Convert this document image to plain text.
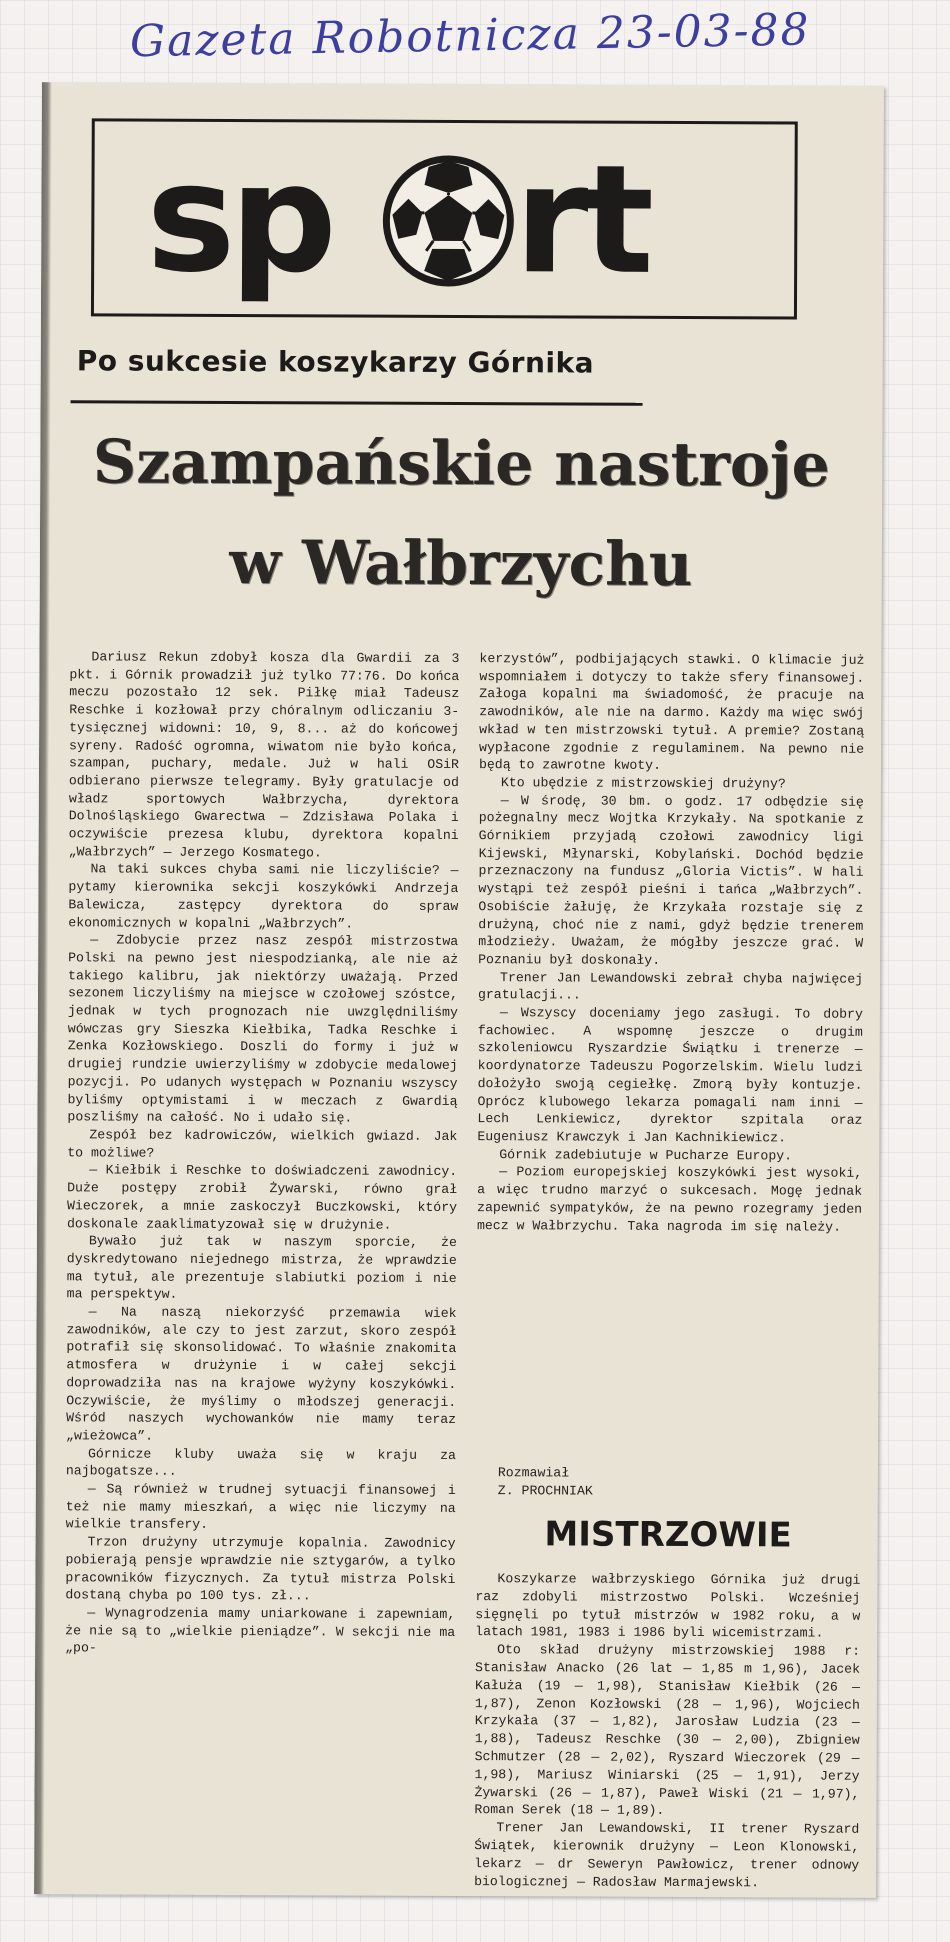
Gazeta Robotnicza 23-03-88
sp rt
Po sukcesie koszykarzy Górnika
Szampańskie nastroje
w Wałbrzychu

Dariusz Rekun zdobył kosza dla Gwardii za 3 pkt. i Górnik prowadził już tylko 77:76. Do końca meczu pozostało 12 sek. Piłkę miał Tadeusz Reschke i kozłował przy chóralnym odliczaniu 3-tysięcznej widowni: 10, 9, 8... aż do końcowej syreny. Radość ogromna, wiwatom nie było końca, szampan, puchary, medale. Już w hali OSiR odbierano pierwsze telegramy. Były gratulacje od władz sportowych Wałbrzycha, dyrektora Dolnośląskiego Gwarectwa — Zdzisława Polaka i oczywiście prezesa klubu, dyrektora kopalni „Wałbrzych” — Jerzego Kosmatego.

Na taki sukces chyba sami nie liczyliście? — pytamy kierownika sekcji koszykówki Andrzeja Balewicza, zastępcy dyrektora do spraw ekonomicznych w kopalni „Wałbrzych”.

— Zdobycie przez nasz zespół mistrzostwa Polski na pewno jest niespodzianką, ale nie aż takiego kalibru, jak niektórzy uważają. Przed sezonem liczyliśmy na miejsce w czołowej szóstce, jednak w tych prognozach nie uwzględniliśmy wówczas gry Sieszka Kiełbika, Tadka Reschke i Zenka Kozłowskiego. Doszli do formy i już w drugiej rundzie uwierzyliśmy w zdobycie medalowej pozycji. Po udanych występach w Poznaniu wszyscy byliśmy optymistami i w meczach z Gwardią poszliśmy na całość. No i udało się.

Zespół bez kadrowiczów, wielkich gwiazd. Jak to możliwe?

— Kiełbik i Reschke to doświadczeni zawodnicy. Duże postępy zrobił Żywarski, równo grał Wieczorek, a mnie zaskoczył Buczkowski, który doskonale zaaklimatyzował się w drużynie.

Bywało już tak w naszym sporcie, że dyskredytowano niejednego mistrza, że wprawdzie ma tytuł, ale prezentuje slabiutki poziom i nie ma perspektyw.

— Na naszą niekorzyść przemawia wiek zawodników, ale czy to jest zarzut, skoro zespół potrafił się skonsolidować. To właśnie znakomita atmosfera w drużynie i w całej sekcji doprowadziła nas na krajowe wyżyny koszykówki. Oczywiście, że myślimy o młodszej generacji. Wśród naszych wychowanków nie mamy teraz „wieżowca”.

Górnicze kluby uważa się w kraju za najbogatsze...

— Są również w trudnej sytuacji finansowej i też nie mamy mieszkań, a więc nie liczymy na wielkie transfery.

Trzon drużyny utrzymuje kopalnia. Zawodnicy pobierają pensje wprawdzie nie sztygarów, a tylko pracowników fizycznych. Za tytuł mistrza Polski dostaną chyba po 100 tys. zł...

— Wynagrodzenia mamy uniarkowane i zapewniam, że nie są to „wielkie pieniądze”. W sekcji nie ma „po-

kerzystów”, podbijających stawki. O klimacie już wspomniałem i dotyczy to także sfery finansowej. Załoga kopalni ma świadomość, że pracuje na zawodników, ale nie na darmo. Każdy ma więc swój wkład w ten mistrzowski tytuł. A premie? Zostaną wypłacone zgodnie z regulaminem. Na pewno nie będą to zawrotne kwoty.

Kto ubędzie z mistrzowskiej drużyny?

— W środę, 30 bm. o godz. 17 odbędzie się pożegnalny mecz Wojtka Krzykały. Na spotkanie z Górnikiem przyjadą czołowi zawodnicy ligi Kijewski, Młynarski, Kobylański. Dochód będzie przeznaczony na fundusz „Gloria Victis”. W hali wystąpi też zespół pieśni i tańca „Wałbrzych”. Osobiście żałuję, że Krzykała rozstaje się z drużyną, choć nie z nami, gdyż będzie trenerem młodzieży. Uważam, że mógłby jeszcze grać. W Poznaniu był doskonały.

Trener Jan Lewandowski zebrał chyba najwięcej gratulacji...

— Wszyscy doceniamy jego zasługi. To dobry fachowiec. A wspomnę jeszcze o drugim szkoleniowcu Ryszardzie Świątku i trenerze — koordynatorze Tadeuszu Pogorzelskim. Wielu ludzi dołożyło swoją cegiełkę. Zmorą były kontuzje. Oprócz klubowego lekarza pomagali nam inni — Lech Lenkiewicz, dyrektor szpitala oraz Eugeniusz Krawczyk i Jan Kachnikiewicz.

Górnik zadebiutuje w Pucharze Europy.

— Poziom europejskiej koszykówki jest wysoki, a więc trudno marzyć o sukcesach. Mogę jednak zapewnić sympatyków, że na pewno rozegramy jeden mecz w Wałbrzychu. Taka nagroda im się należy.

Rozmawiał

Z. PROCHNIAK

MISTRZOWIE

Koszykarze wałbrzyskiego Górnika już drugi raz zdobyli mistrzostwo Polski. Wcześniej sięgnęli po tytuł mistrzów w 1982 roku, a w latach 1981, 1983 i 1986 byli wicemistrzami.

Oto skład drużyny mistrzowskiej 1988 r: Stanisław Anacko (26 lat — 1,85 m 1,96), Jacek Kałuża (19 — 1,98), Stanisław Kiełbik (26 — 1,87), Zenon Kozłowski (28 — 1,96), Wojciech Krzykała (37 — 1,82), Jarosław Ludzia (23 — 1,88), Tadeusz Reschke (30 — 2,00), Zbigniew Schmutzer (28 — 2,02), Ryszard Wieczorek (29 — 1,98), Mariusz Winiarski (25 — 1,91), Jerzy Żywarski (26 — 1,87), Paweł Wiski (21 — 1,97), Roman Serek (18 — 1,89).

Trener Jan Lewandowski, II trener Ryszard Świątek, kierownik drużyny — Leon Klonowski, lekarz — dr Seweryn Pawłowicz, trener odnowy biologicznej — Radosław Marmajewski.
